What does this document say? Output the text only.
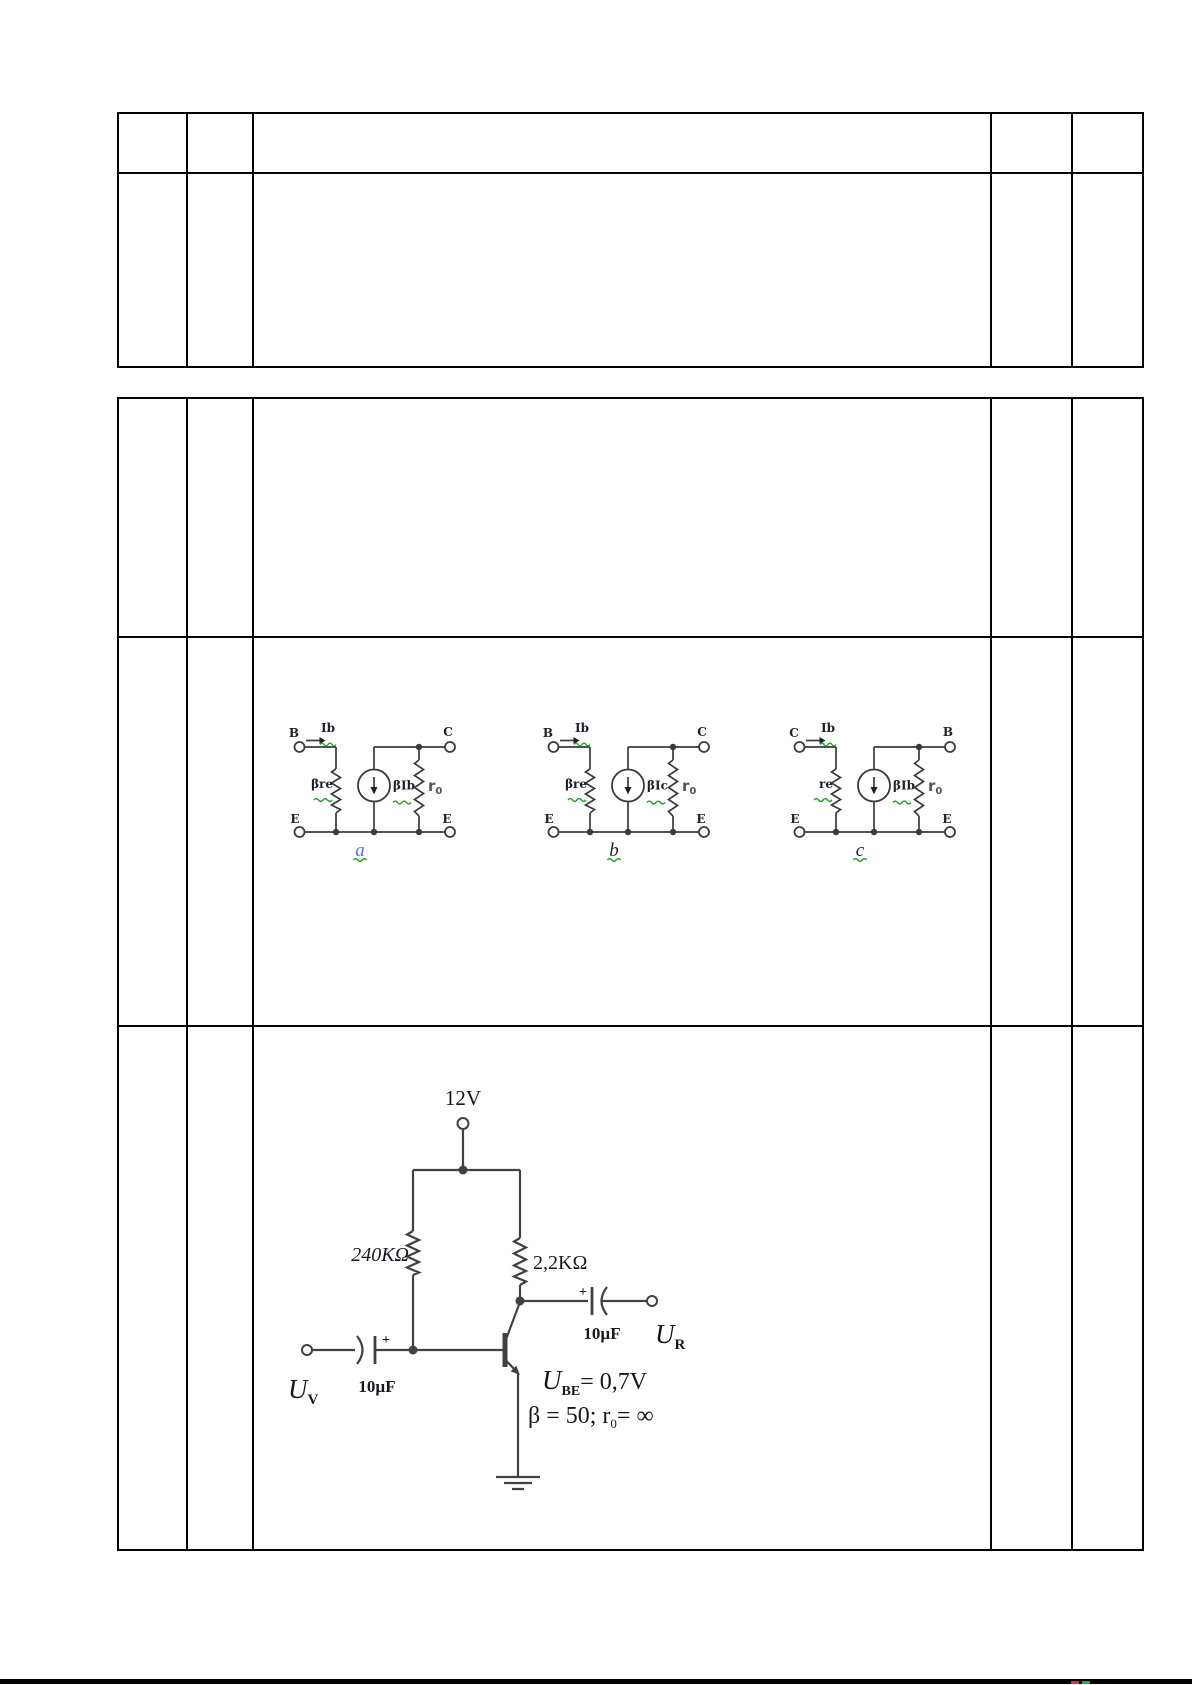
B Ib
βre	βIb $r_0$
C
E	E
a
B Ib
βre	βIc $r_0$
C
E	E
b
C Ib
re	βIb $r_0$
B
E	E
c
12V
240KΩ	2,2KΩ
+
10µF $U_R$
+
$U_V$
10µF	$U_{BE}= 0,7V$
β = 50; $r_0=$ ∞
